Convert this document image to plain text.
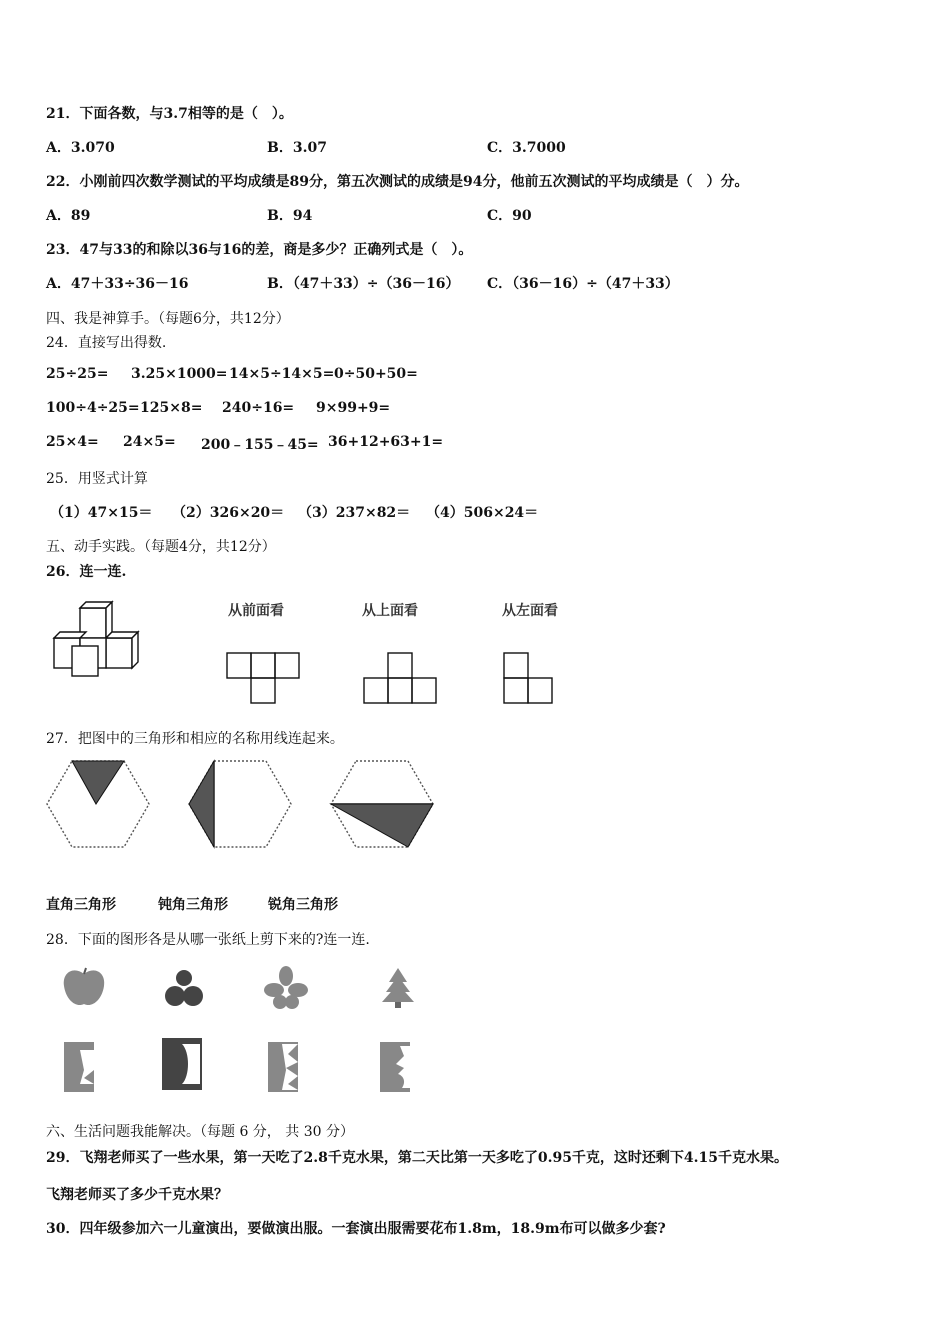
21．下面各数，与3.7相等的是（　）。
A．3.070	B．3.07	C．3.7000
22．小刚前四次数学测试的平均成绩是89分，第五次测试的成绩是94分，他前五次测试的平均成绩是（　）分。
A．89	B．94	C．90
23．47与33的和除以36与16的差，商是多少？正确列式是（　）。
A．47＋33÷36－16	B．（47＋33）÷（36－16） C．（36－16）÷（47＋33）
四、我是神算手。（每题6分，共12分）
24．直接写出得数.
25÷25= 3.25×1000= 14×5÷14×5= 0÷50+50=
100÷4÷25= 125×8= 240÷16= 9×99+9=
25×4= 24×5= 200﹣155﹣45= 36+12+63+1=
25．用竖式计算
（1）47×15＝ （2）326×20＝ （3）237×82＝ （4）506×24＝
五、动手实践。（每题4分，共12分）
26．连一连.
从前面看	从上面看	从左面看
27．把图中的三角形和相应的名称用线连起来。
直角三角形	钝角三角形	锐角三角形
28．下面的图形各是从哪一张纸上剪下来的?连一连.
六、生活问题我能解决。（每题 6 分， 共 30 分）
29．飞翔老师买了一些水果，第一天吃了2.8千克水果，第二天比第一天多吃了0.95千克，这时还剩下4.15千克水果。
飞翔老师买了多少千克水果？
30．四年级参加六一儿童演出，要做演出服。一套演出服需要花布1.8m，18.9m布可以做多少套?
